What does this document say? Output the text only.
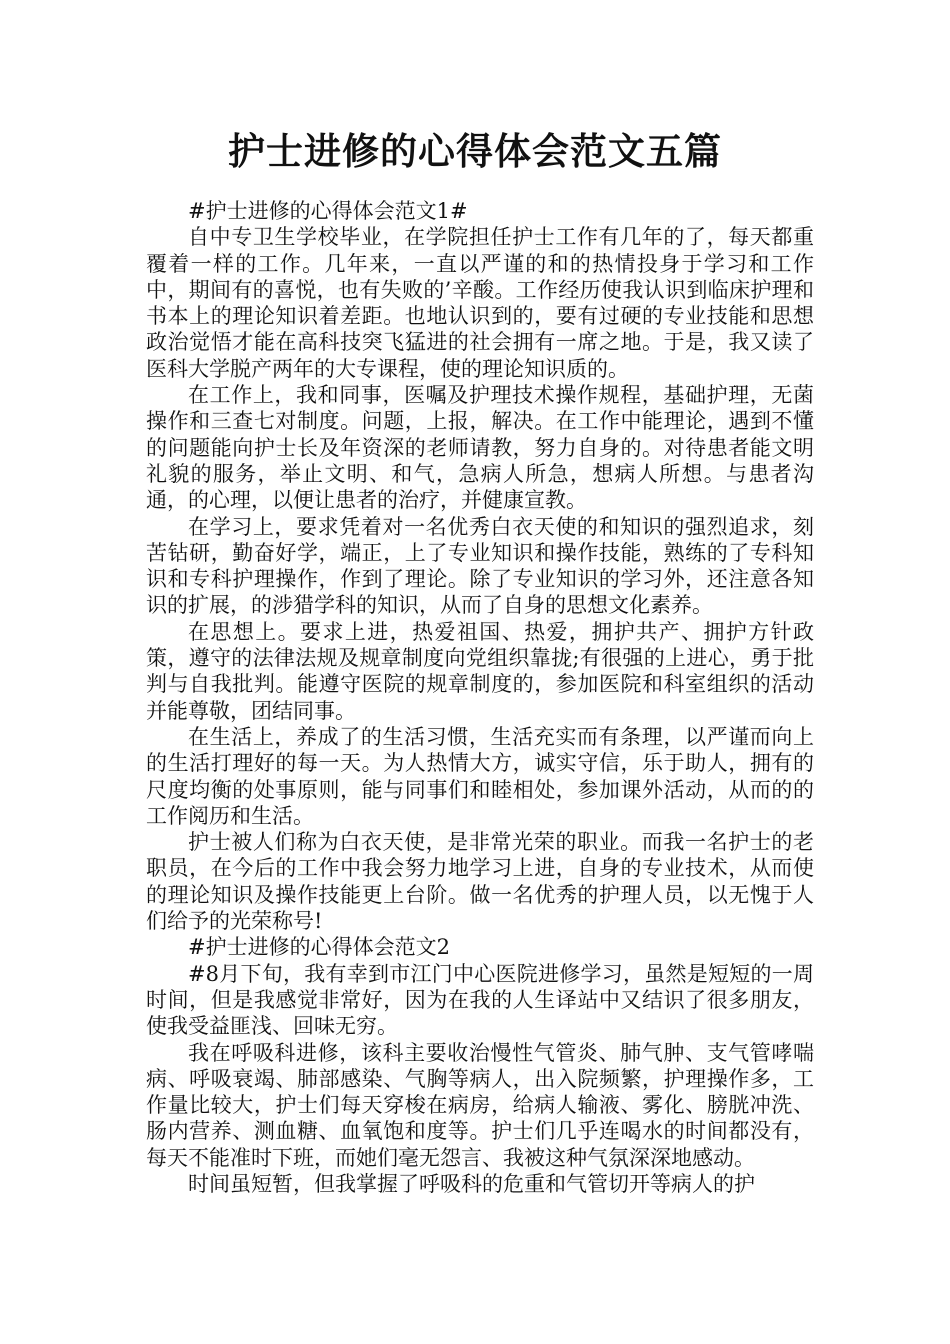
护士进修的心得体会范文五篇

#护士进修的心得体会范文1#

自中专卫生学校毕业，在学院担任护士工作有几年的了，每天都重覆着一样的工作。几年来，一直以严谨的和的热情投身于学习和工作中，期间有的喜悦，也有失败的’辛酸。工作经历使我认识到临床护理和书本上的理论知识着差距。也地认识到的，要有过硬的专业技能和思想政治觉悟才能在高科技突飞猛进的社会拥有一席之地。于是，我又读了医科大学脱产两年的大专课程，使的理论知识质的。

在工作上，我和同事，医嘱及护理技术操作规程，基础护理，无菌操作和三查七对制度。问题，上报，解决。在工作中能理论，遇到不懂的问题能向护士长及年资深的老师请教，努力自身的。对待患者能文明礼貌的服务，举止文明、和气，急病人所急，想病人所想。与患者沟通，的心理，以便让患者的治疗，并健康宣教。

在学习上，要求凭着对一名优秀白衣天使的和知识的强烈追求，刻苦钻研，勤奋好学，端正，上了专业知识和操作技能，熟练的了专科知识和专科护理操作，作到了理论。除了专业知识的学习外，还注意各知识的扩展，的涉猎学科的知识，从而了自身的思想文化素养。

在思想上。要求上进，热爱祖国、热爱，拥护共产、拥护方针政策，遵守的法律法规及规章制度向党组织靠拢;有很强的上进心，勇于批判与自我批判。能遵守医院的规章制度的，参加医院和科室组织的活动并能尊敬，团结同事。

在生活上，养成了的生活习惯，生活充实而有条理，以严谨而向上的生活打理好的每一天。为人热情大方，诚实守信，乐于助人，拥有的尺度均衡的处事原则，能与同事们和睦相处，参加课外活动，从而的的工作阅历和生活。

护士被人们称为白衣天使，是非常光荣的职业。而我一名护士的老职员，在今后的工作中我会努力地学习上进，自身的专业技术，从而使的理论知识及操作技能更上台阶。做一名优秀的护理人员，以无愧于人们给予的光荣称号!

#护士进修的心得体会范文2

#8月下旬，我有幸到市江门中心医院进修学习，虽然是短短的一周时间，但是我感觉非常好，因为在我的人生译站中又结识了很多朋友，使我受益匪浅、回味无穷。

我在呼吸科进修，该科主要收治慢性气管炎、肺气肿、支气管哮喘病、呼吸衰竭、肺部感染、气胸等病人，出入院频繁，护理操作多，工作量比较大，护士们每天穿梭在病房，给病人输液、雾化、膀胱冲洗、肠内营养、测血糖、血氧饱和度等。护士们几乎连喝水的时间都没有，每天不能准时下班，而她们毫无怨言、我被这种气氛深深地感动。

时间虽短暂，但我掌握了呼吸科的危重和气管切开等病人的护
